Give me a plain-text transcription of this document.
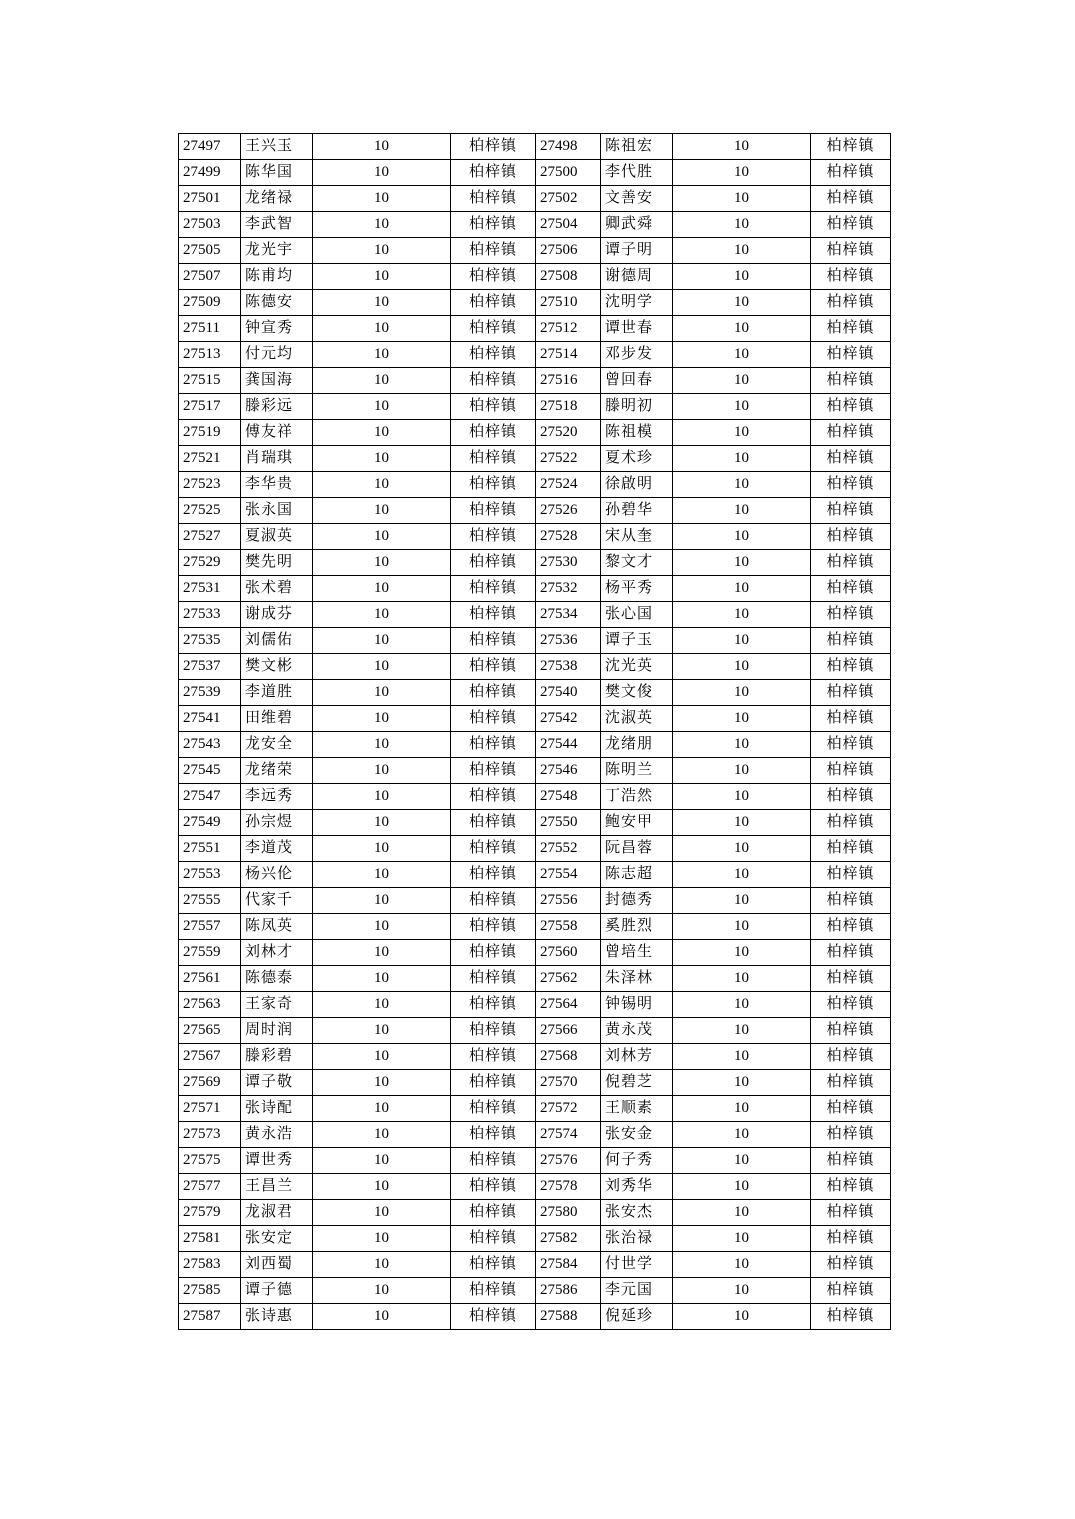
27497	王兴玉	10	柏梓镇	27498	陈祖宏	10	柏梓镇
27499	陈华国	10	柏梓镇	27500	李代胜	10	柏梓镇
27501	龙绪禄	10	柏梓镇	27502	文善安	10	柏梓镇
27503	李武智	10	柏梓镇	27504	卿武舜	10	柏梓镇
27505	龙光宇	10	柏梓镇	27506	谭子明	10	柏梓镇
27507	陈甫均	10	柏梓镇	27508	谢德周	10	柏梓镇
27509	陈德安	10	柏梓镇	27510	沈明学	10	柏梓镇
27511	钟宣秀	10	柏梓镇	27512	谭世春	10	柏梓镇
27513	付元均	10	柏梓镇	27514	邓步发	10	柏梓镇
27515	龚国海	10	柏梓镇	27516	曾回春	10	柏梓镇
27517	滕彩远	10	柏梓镇	27518	滕明初	10	柏梓镇
27519	傅友祥	10	柏梓镇	27520	陈祖模	10	柏梓镇
27521	肖瑞琪	10	柏梓镇	27522	夏术珍	10	柏梓镇
27523	李华贵	10	柏梓镇	27524	徐啟明	10	柏梓镇
27525	张永国	10	柏梓镇	27526	孙碧华	10	柏梓镇
27527	夏淑英	10	柏梓镇	27528	宋从奎	10	柏梓镇
27529	樊先明	10	柏梓镇	27530	黎文才	10	柏梓镇
27531	张术碧	10	柏梓镇	27532	杨平秀	10	柏梓镇
27533	谢成芬	10	柏梓镇	27534	张心国	10	柏梓镇
27535	刘儒佑	10	柏梓镇	27536	谭子玉	10	柏梓镇
27537	樊文彬	10	柏梓镇	27538	沈光英	10	柏梓镇
27539	李道胜	10	柏梓镇	27540	樊文俊	10	柏梓镇
27541	田维碧	10	柏梓镇	27542	沈淑英	10	柏梓镇
27543	龙安全	10	柏梓镇	27544	龙绪朋	10	柏梓镇
27545	龙绪荣	10	柏梓镇	27546	陈明兰	10	柏梓镇
27547	李远秀	10	柏梓镇	27548	丁浩然	10	柏梓镇
27549	孙宗煜	10	柏梓镇	27550	鲍安甲	10	柏梓镇
27551	李道茂	10	柏梓镇	27552	阮昌蓉	10	柏梓镇
27553	杨兴伦	10	柏梓镇	27554	陈志超	10	柏梓镇
27555	代家千	10	柏梓镇	27556	封德秀	10	柏梓镇
27557	陈凤英	10	柏梓镇	27558	奚胜烈	10	柏梓镇
27559	刘林才	10	柏梓镇	27560	曾培生	10	柏梓镇
27561	陈德泰	10	柏梓镇	27562	朱泽林	10	柏梓镇
27563	王家奇	10	柏梓镇	27564	钟锡明	10	柏梓镇
27565	周时润	10	柏梓镇	27566	黄永茂	10	柏梓镇
27567	滕彩碧	10	柏梓镇	27568	刘林芳	10	柏梓镇
27569	谭子敬	10	柏梓镇	27570	倪碧芝	10	柏梓镇
27571	张诗配	10	柏梓镇	27572	王顺素	10	柏梓镇
27573	黄永浩	10	柏梓镇	27574	张安金	10	柏梓镇
27575	谭世秀	10	柏梓镇	27576	何子秀	10	柏梓镇
27577	王昌兰	10	柏梓镇	27578	刘秀华	10	柏梓镇
27579	龙淑君	10	柏梓镇	27580	张安杰	10	柏梓镇
27581	张安定	10	柏梓镇	27582	张治禄	10	柏梓镇
27583	刘西蜀	10	柏梓镇	27584	付世学	10	柏梓镇
27585	谭子德	10	柏梓镇	27586	李元国	10	柏梓镇
27587	张诗惠	10	柏梓镇	27588	倪延珍	10	柏梓镇
